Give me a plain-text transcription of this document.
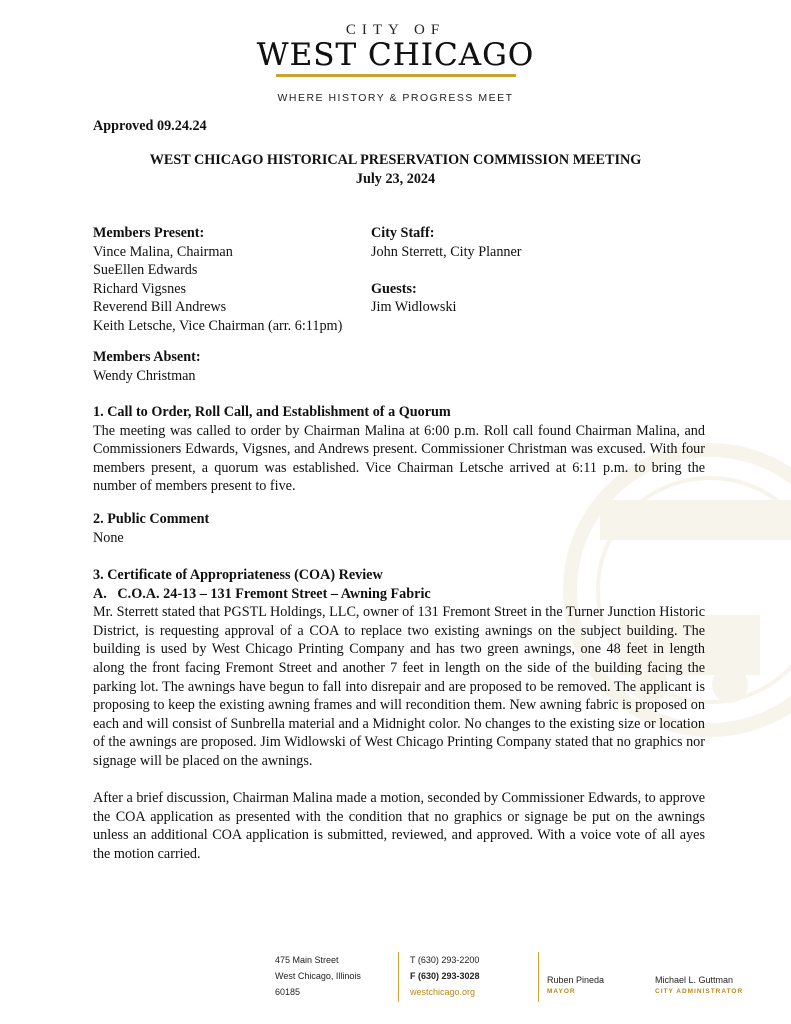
CITY OF
WEST CHICAGO
WHERE HISTORY & PROGRESS MEET
Approved 09.24.24
WEST CHICAGO HISTORICAL PRESERVATION COMMISSION MEETING
July 23, 2024
Members Present:
Vince Malina, Chairman
SueEllen Edwards
Richard Vigsnes
Reverend Bill Andrews
Keith Letsche, Vice Chairman (arr. 6:11pm)
City Staff:
John Sterrett, City Planner
Guests:
Jim Widlowski
Members Absent:
Wendy Christman

1. Call to Order, Roll Call, and Establishment of a Quorum

The meeting was called to order by Chairman Malina at 6:00 p.m. Roll call found Chairman Malina, and Commissioners Edwards, Vigsnes, and Andrews present. Commissioner Christman was excused. With four members present, a quorum was established. Vice Chairman Letsche arrived at 6:11 p.m. to bring the number of members present to five.

2. Public Comment

None

3. Certificate of Appropriateness (COA) Review

A.   C.O.A. 24-13 – 131 Fremont Street – Awning Fabric

Mr. Sterrett stated that PGSTL Holdings, LLC, owner of 131 Fremont Street in the Turner Junction Historic District, is requesting approval of a COA to replace two existing awnings on the subject building. The building is used by West Chicago Printing Company and has two green awnings, one 48 feet in length along the front facing Fremont Street and another 7 feet in length on the side of the building facing the parking lot. The awnings have begun to fall into disrepair and are proposed to be removed. The applicant is proposing to keep the existing awning frames and will recondition them. New awning fabric is proposed on each and will consist of Sunbrella material and a Midnight color. No changes to the existing size or location of the awnings are proposed. Jim Widlowski of West Chicago Printing Company stated that no graphics nor signage will be placed on the awnings.

After a brief discussion, Chairman Malina made a motion, seconded by Commissioner Edwards, to approve the COA application as presented with the condition that no graphics or signage be put on the awnings unless an additional COA application is submitted, reviewed, and approved. With a voice vote of all ayes the motion carried.

475 Main Street
West Chicago, Illinois
60185
T (630) 293-2200
F (630) 293-3028
westchicago.org
Ruben Pineda
MAYOR
Michael L. Guttman
CITY ADMINISTRATOR
